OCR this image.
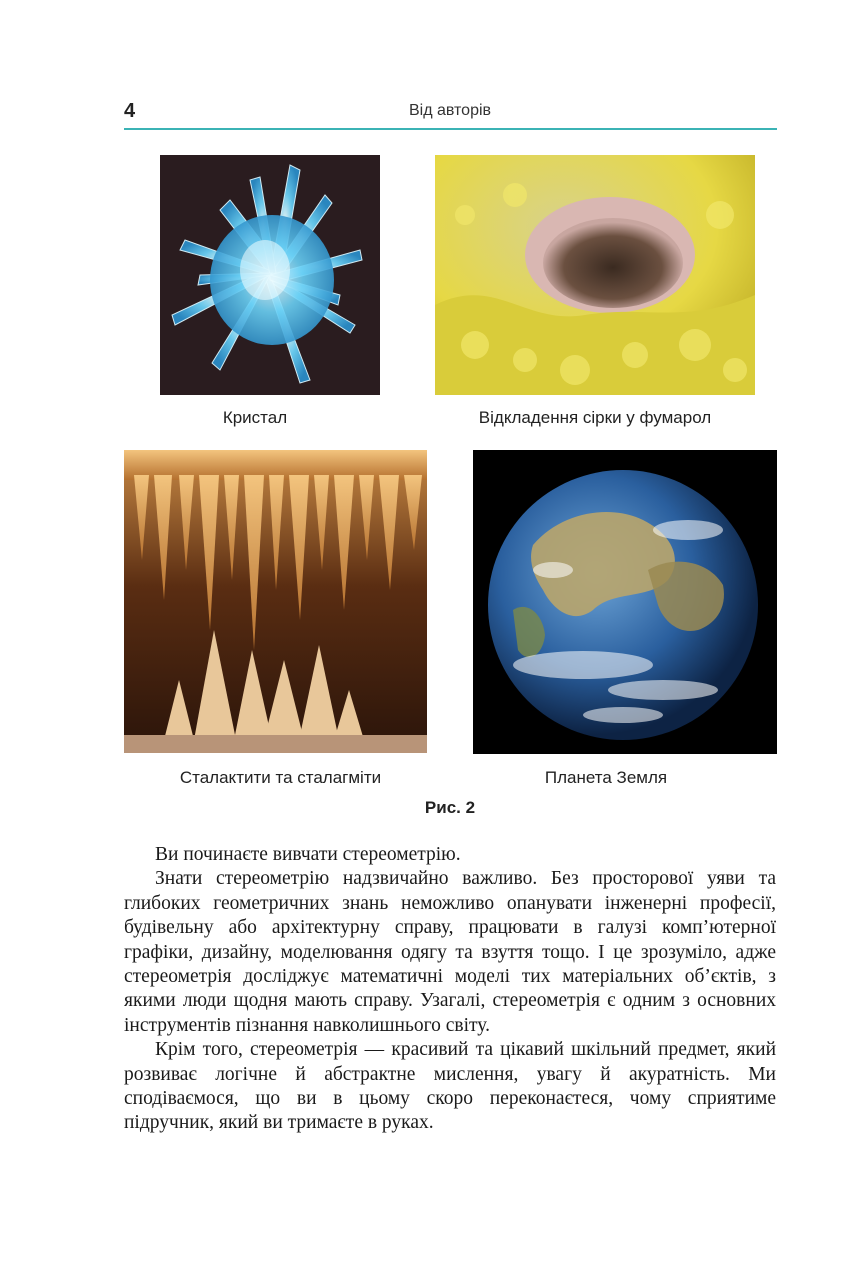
4	Від авторів
Кристал	Відкладення сірки у фумарол
Сталактити та сталагміти	Планета Земля
Рис. 2

Ви починаєте вивчати стереометрію.

Знати стереометрію надзвичайно важливо. Без просторової уяви та глибоких геометричних знань неможливо опанувати інженерні професії, будівельну або архітектурну справу, працювати в галузі комп’ютерної графіки, дизайну, моделювання одягу та взуття тощо. І це зрозуміло, адже стереометрія досліджує математичні моделі тих матеріальних об’єктів, з якими люди щодня мають справу. Узагалі, стереометрія є одним з основних інструментів пізнання навколишнього світу.

Крім того, стереометрія — красивий та цікавий шкільний предмет, який розвиває логічне й абстрактне мислення, увагу й акуратність. Ми сподіваємося, що ви в цьому скоро переконаєтеся, чому сприятиме підручник, який ви тримаєте в руках.
